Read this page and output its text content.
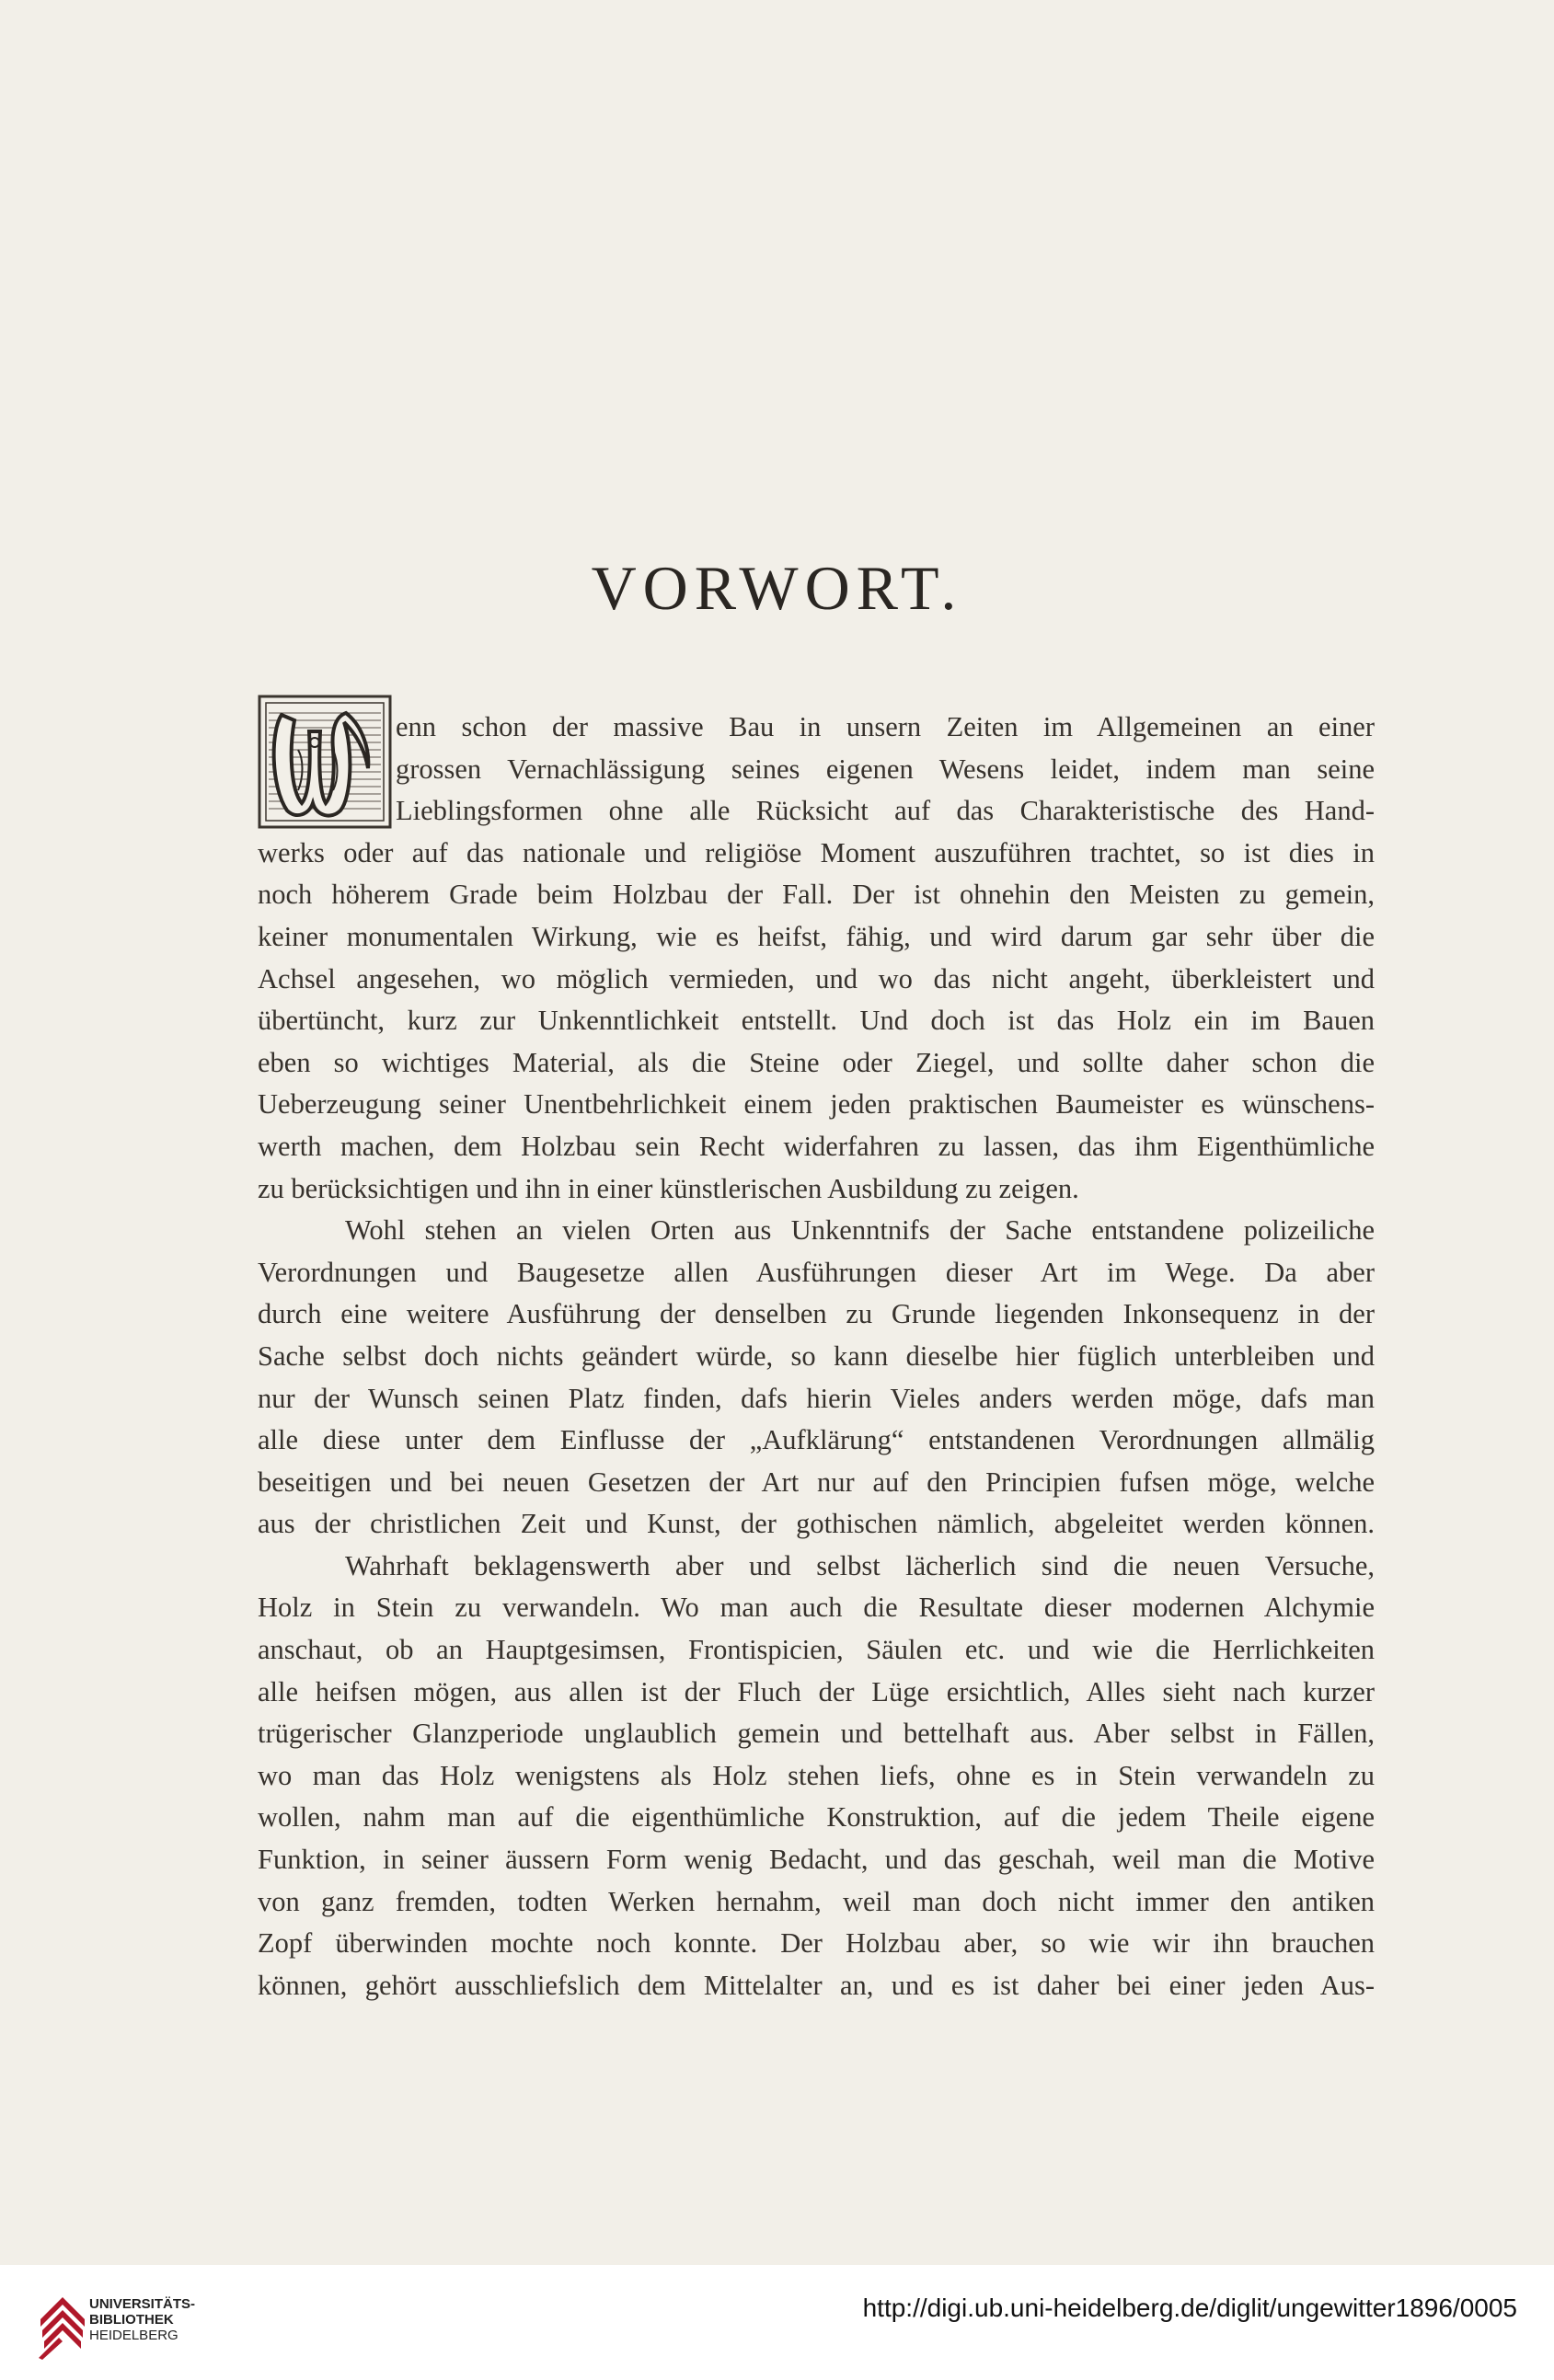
VORWORT.
enn schon der massive Bau in unsern Zeiten im Allgemeinen an einer
grossen Vernachlässigung seines eigenen Wesens leidet, indem man seine
Lieblingsformen ohne alle Rücksicht auf das Charakteristische des Hand-
werks oder auf das nationale und religiöse Moment auszuführen trachtet, so ist dies in
noch höherem Grade beim Holzbau der Fall. Der ist ohnehin den Meisten zu gemein,
keiner monumentalen Wirkung, wie es heifst, fähig, und wird darum gar sehr über die
Achsel angesehen, wo möglich vermieden, und wo das nicht angeht, überkleistert und
übertüncht, kurz zur Unkenntlichkeit entstellt. Und doch ist das Holz ein im Bauen
eben so wichtiges Material, als die Steine oder Ziegel, und sollte daher schon die
Ueberzeugung seiner Unentbehrlichkeit einem jeden praktischen Baumeister es wünschens-
werth machen, dem Holzbau sein Recht widerfahren zu lassen, das ihm Eigenthümliche
zu berücksichtigen und ihn in einer künstlerischen Ausbildung zu zeigen.
Wohl stehen an vielen Orten aus Unkenntnifs der Sache entstandene polizeiliche
Verordnungen und Baugesetze allen Ausführungen dieser Art im Wege. Da aber
durch eine weitere Ausführung der denselben zu Grunde liegenden Inkonsequenz in der
Sache selbst doch nichts geändert würde, so kann dieselbe hier füglich unterbleiben und
nur der Wunsch seinen Platz finden, dafs hierin Vieles anders werden möge, dafs man
alle diese unter dem Einflusse der „Aufklärung“ entstandenen Verordnungen allmälig
beseitigen und bei neuen Gesetzen der Art nur auf den Principien fufsen möge, welche
aus der christlichen Zeit und Kunst, der gothischen nämlich, abgeleitet werden können.
Wahrhaft beklagenswerth aber und selbst lächerlich sind die neuen Versuche,
Holz in Stein zu verwandeln. Wo man auch die Resultate dieser modernen Alchymie
anschaut, ob an Hauptgesimsen, Frontispicien, Säulen etc. und wie die Herrlichkeiten
alle heifsen mögen, aus allen ist der Fluch der Lüge ersichtlich, Alles sieht nach kurzer
trügerischer Glanzperiode unglaublich gemein und bettelhaft aus. Aber selbst in Fällen,
wo man das Holz wenigstens als Holz stehen liefs, ohne es in Stein verwandeln zu
wollen, nahm man auf die eigenthümliche Konstruktion, auf die jedem Theile eigene
Funktion, in seiner äussern Form wenig Bedacht, und das geschah, weil man die Motive
von ganz fremden, todten Werken hernahm, weil man doch nicht immer den antiken
Zopf überwinden mochte noch konnte. Der Holzbau aber, so wie wir ihn brauchen
können, gehört ausschliefslich dem Mittelalter an, und es ist daher bei einer jeden Aus-
UNIVERSITÄTS-
BIBLIOTHEK
HEIDELBERG
http://digi.ub.uni-heidelberg.de/diglit/ungewitter1896/0005
